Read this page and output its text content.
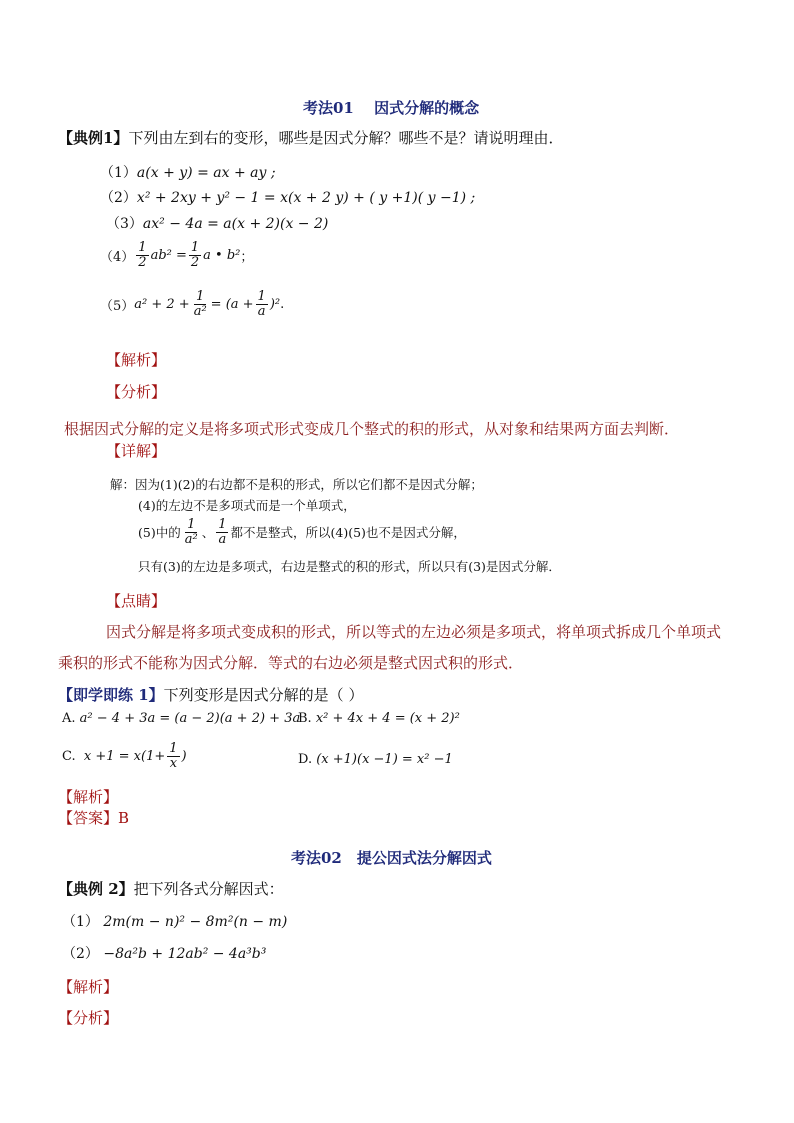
考法01　 因式分解的概念
【典例1】下列由左到右的变形，哪些是因式分解？哪些不是？请说明理由．
（1）a(x + y) = ax + ay ;
（2）x² + 2xy + y² − 1 = x(x + 2 y) + ( y +1)( y −1) ;
（3）ax² − 4a = a(x + 2)(x − 2)
$(4) \frac{1}{2} ab^2 = \frac{1}{2}$ a • b² ；
（5） $a^2 + 2 + \frac{1}{\text{a²}} = (a + \frac{1}{a} )^2$ .
【解析】
【分析】
根据因式分解的定义是将多项式形式变成几个整式的积的形式，从对象和结果两方面去判断．
【详解】
解：因为(1)(2)的右边都不是积的形式，所以它们都不是因式分解；
(4)的左边不是多项式而是一个单项式，
(5)中的 $\frac{1}{\text{a²}}$ 、 $\frac{1}{a}$ 都不是整式，所以(4)(5)也不是因式分解，
只有(3)的左边是多项式，右边是整式的积的形式，所以只有(3)是因式分解．
【点睛】
因式分解是将多项式变成积的形式，所以等式的左边必须是多项式，将单项式拆成几个单项式
乘积的形式不能称为因式分解．等式的右边必须是整式因式积的形式．
【即学即练 1】下列变形是因式分解的是（ ）
A. a² − 4 + 3a = (a − 2)(a + 2) + 3a
B. x² + 4x + 4 = (x + 2)²
C.
$x +1 = x(1+ \frac{1}{x}$ )	D. (x +1)(x −1) = x² −1
【解析】
【答案】B
考法02　提公因式法分解因式
【典例 2】把下列各式分解因式：
（1） 2m(m − n)² − 8m²(n − m)
（2） −8a²b + 12ab² − 4a³b³
【解析】
【分析】
